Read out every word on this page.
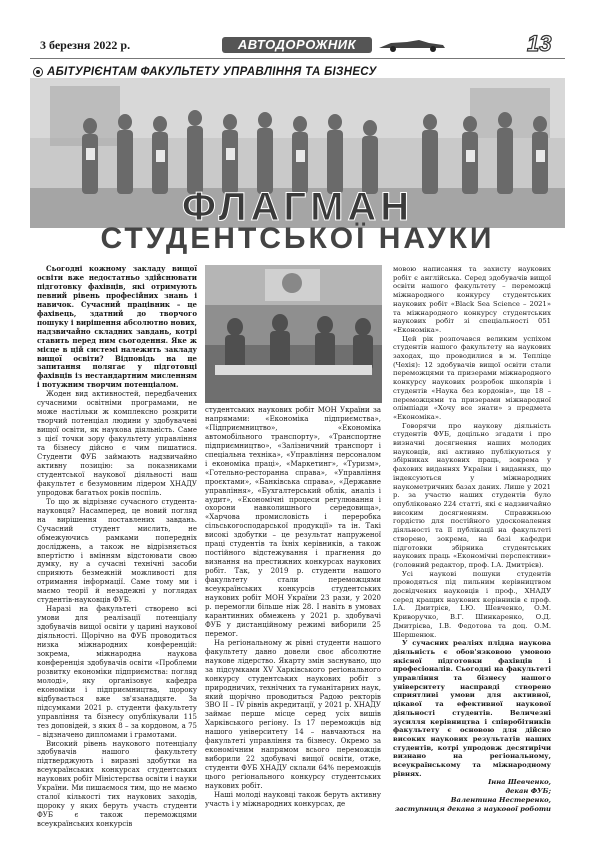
3 березня 2022 р.	АВТОДОРОЖНИК	13
АБІТУРІЄНТАМ ФАКУЛЬТЕТУ УПРАВЛІННЯ ТА БІЗНЕСУ
ФЛАГМАН
СТУДЕНТСЬКОЇ НАУКИ

Сьогодні кожному закладу вищої освіти вже недостатньо здійснювати підготовку фахівців, які отримують певний рівень професійних знань і навичок. Сучасний працівник – це фахівець, здатний до творчого пошуку і вирішення абсолютно нових, надзвичайно складних завдань, котрі ставить перед ним сьогодення. Яке ж місце в цій системі належить закладу вищої освіти? Відповідь на це запитання полягає у підготовці фахівців із нестандартним мисленням і потужним творчим потенціалом.

Жоден вид активностей, передбачених сучасними освітніми програмами, не може настільки ж комплексно розкрити творчий потенціал людини у здобувачеві вищої освіти, як наукова діяльність. Саме з цієї точки зору факультету управління та бізнесу дійсно є чим пишатися. Студенти ФУБ займають надзвичайно активну позицію: за показниками студентської наукової діяльності наш факультет є безумовним лідером ХНАДУ упродовж багатьох років поспіль.

То що ж відрізняє сучасного студента-науковця? Насамперед, це новий погляд на вирішення поставлених завдань. Сучасний студент мислить, не обмежуючись рамками попередніх досліджень, а також не відрізняється впертістю і вмінням відстоювати свою думку, ну а сучасні технічні засоби сприяють безмежній можливості для отримання інформації. Саме тому ми і маємо теорії й незадежні у поглядах студентів-науковців ФУБ.

Наразі на факультеті створено всі умови для реалізації потенціалу здобувачів вищої освіти у царині наукової діяльності. Щорічно на ФУБ проводиться низка міжнародних конференцій: зокрема, міжнародна наукова конференція здобувачів освіти «Проблеми розвитку економіки підприємства: погляд молоді», яку організовує кафедра економіки і підприємництва, щороку відбувається вже зв'язанадцяте. За підсумками 2021 р. студенти факультету управління та бізнесу опублікували 115 тез доповідей, з яких 8 – за кордоном, а 75 – відзначено дипломами і грамотами.

Високий рівень наукового потенціалу здобувачів нашого факультету підтверджують і виразні здобутки на всеукраїнських конкурсах студентських наукових робіт Міністерства освіти і науки України. Ми пишаємося тим, що не маємо сталої кількості тих наукових заходів, щороку у яких беруть участь студенти ФУБ є також переможцями всеукраїнських конкурсів

студентських наукових робіт МОН України за напрямами: «Економіка підприємства», «Підприємництво», «Економіка автомобільного транспорту», «Транспортне підприємництво», «Залізничний транспорт і спеціальна техніка», «Управління персоналом і економіка праці», «Маркетинг», «Туризм», «Готельно-ресторанна справа», «Управління проєктами», «Банківська справа», «Державне управління», «Бухгалтерський облік, аналіз і аудит», «Економічні процеси регулювання і охорони навколишнього середовища», «Харчова промисловість і переробка сільськогосподарської продукції» та ін. Такі високі здобутки – це результат напруженої праці студентів та їхніх керівників, а також постійного відстежування і прагнення до визнання на престижних конкурсах наукових робіт. Так, у 2019 р. студенти нашого факультету стали переможцями всеукраїнських конкурсів студентських наукових робіт МОН України 23 рази, у 2020 р. перемогли більше ніж 28. І навіть в умовах карантинних обмежень у 2021 р. здобувачі ФУБ у дистанційному режимі виборили 25 перемог.

На регіональному ж рівні студенти нашого факультету давно довели своє абсолютне наукове лідерство. Якарту змін заснувано, що за підсумками XV Харківського регіонального конкурсу студентських наукових робіт з природничих, технічних та гуманітарних наук, який щорічно проводиться Радою ректорів ЗВО II – IV рівнів акредитації, у 2021 р. ХНАДУ займає перше місце серед усіх вишів Харківського регіону. Із 17 переможців від нашого університету 14 – навчаються на факультеті управління та бізнесу. Окремо за економічним напрямом всього переможців виборили 22 здобувачі вищої освіти, отже, студенти ФУБ ХНАДУ склали 64% переможців цього регіонального конкурсу студентських наукових робіт.

Наші молоді науковці також беруть активну участь і у міжнародних конкурсах, де

мовою написання та захисту наукових робіт є англійська. Серед здобувачів вищої освіти нашого факультету – переможці міжнародного конкурсу студентських наукових робіт «Black Sea Science – 2021» та міжнародного конкурсу студентських наукових робіт зі спеціальності 051 «Економіка».

Цей рік розпочався великим успіхом студентів нашого факультету на наукових заходах, що проводилися в м. Тепліце (Чехія): 12 здобувачів вищої освіти стали переможцями та призерами міжнародного конкурсу наукових розробок школярів і студентів «Наука без кордонів», ще 18 – переможцями та призерами міжнародної олімпіади «Хочу все знати» з предмета «Економіка».

Говорячи про наукову діяльність студентів ФУБ, доцільно згадати і про визначні досягнення наших молодих науковців, які активно публікуються у збірниках наукових праць, зокрема у фахових виданнях України і виданнях, що індексуються у міжнародних наукометричних базах даних. Лише у 2021 р. за участю наших студентів було опубліковано 224 статті, які є надзвичайно високим досягненням. Справжньою гордістю для постійного удосконалення діяльності та її публікації на факультеті створено, зокрема, на базі кафедри підготовки збірника студентських наукових праць «Економічні перспективи» (головний редактор, проф. І.А. Дмитрієв).

Усі наукові пошуки студентів проводяться під пильним керівництвом досвідчених науковців і проф., ХНАДУ серед кращих наукових керівників є проф. І.А. Дмитрієв, І.Ю. Шевченко, О.М. Криворучко, В.Г. Шинкаренко, О.Д. Дмитрієва, І.В. Федотова та доц. О.М. Шершенюк.

У сучасних реаліях плідна наукова діяльність є обов'язковою умовою якісної підготовки фахівців і професіоналів. Сьогодні на факультеті управління та бізнесу нашого університету насправді створено сприятливі умови для активної, цікавої та ефективної наукової діяльності студентів. Величезні зусилля керівництва і співробітників факультету є основою для дійсно високих наукових результатів наших студентів, котрі упродовж десятирічи визнано на регіональному, всеукраїнському та міжнародному рівнях.

Інна Шевченко,
декан ФУБ;
Валентина Нестеренко,
заступниця декана з наукової роботи
